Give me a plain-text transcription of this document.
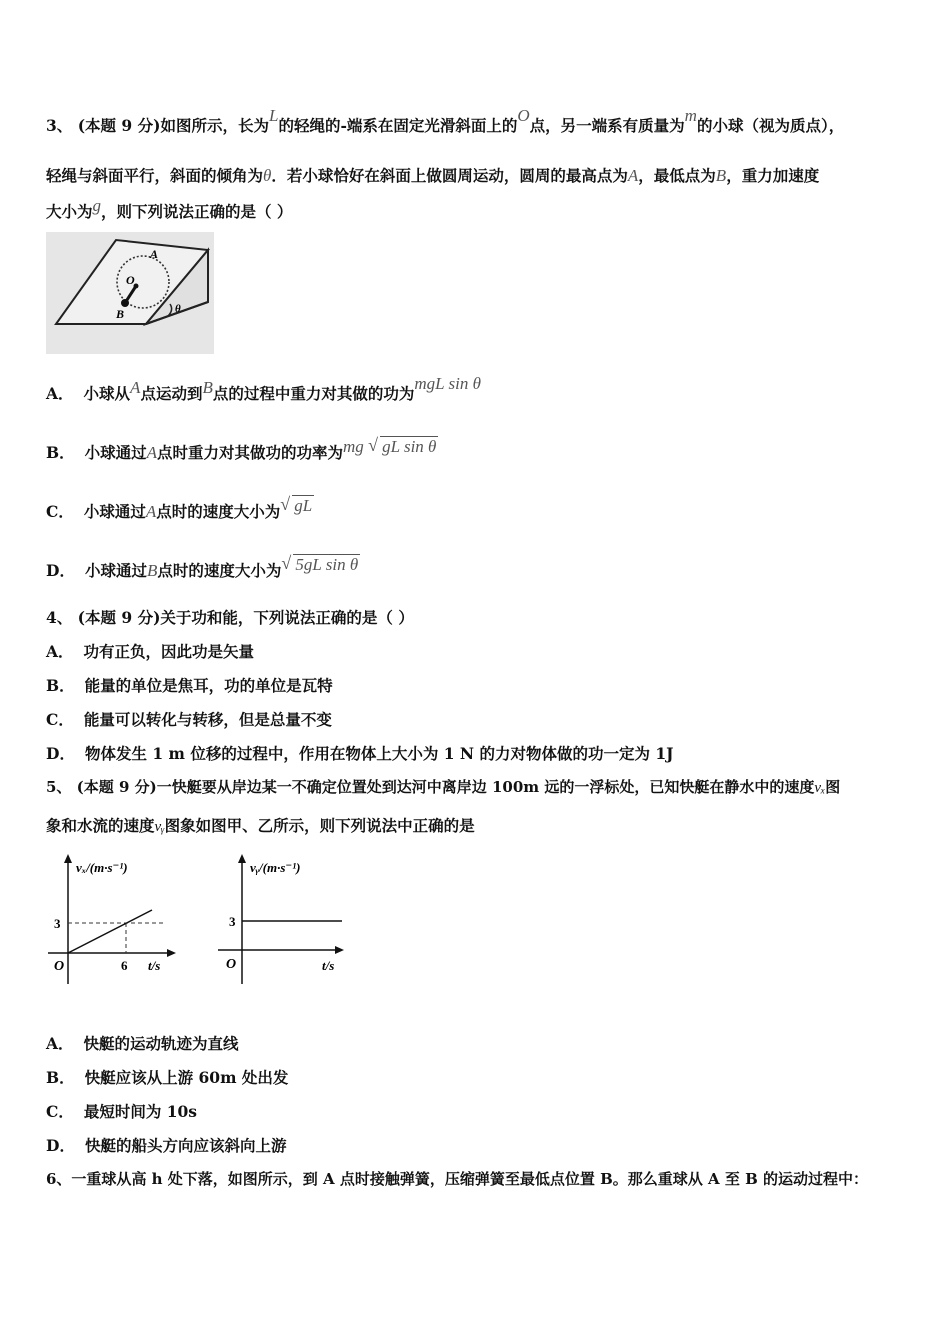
3、 (本题 9 分)如图所示，长为L的轻绳的-端系在固定光滑斜面上的O点，另一端系有质量为m的小球（视为质点），
轻绳与斜面平行，斜面的倾角为θ．若小球恰好在斜面上做圆周运动，圆周的最高点为A，最低点为B，重力加速度
大小为g，则下列说法正确的是（ ）
A
O
B	θ
A． 小球从A点运动到B点的过程中重力对其做的功为mgL sin θ
B． 小球通过A点时重力对其做功的功率为mg √ gL sin θ
C． 小球通过A点时的速度大小为 √ gL
D． 小球通过B点时的速度大小为 √ 5gL sin θ
4、 (本题 9 分)关于功和能，下列说法正确的是（ ）
A． 功有正负，因此功是矢量
B． 能量的单位是焦耳，功的单位是瓦特
C． 能量可以转化与转移，但是总量不变
D． 物体发生 1 m 位移的过程中，作用在物体上大小为 1 N 的力对物体做的功一定为 1J
5、 (本题 9 分)一快艇要从岸边某一不确定位置处到达河中离岸边 100m 远的一浮标处，已知快艇在静水中的速度vₓ图
象和水流的速度vᵧ图象如图甲、乙所示，则下列说法中正确的是
vₓ/(m·s⁻¹)
3
O	6 t/s
vᵧ/(m·s⁻¹)
3
O	t/s
A． 快艇的运动轨迹为直线
B． 快艇应该从上游 60m 处出发
C． 最短时间为 10s
D． 快艇的船头方向应该斜向上游
6、一重球从高 h 处下落，如图所示，到 A 点时接触弹簧，压缩弹簧至最低点位置 B。那么重球从 A 至 B 的运动过程中：
